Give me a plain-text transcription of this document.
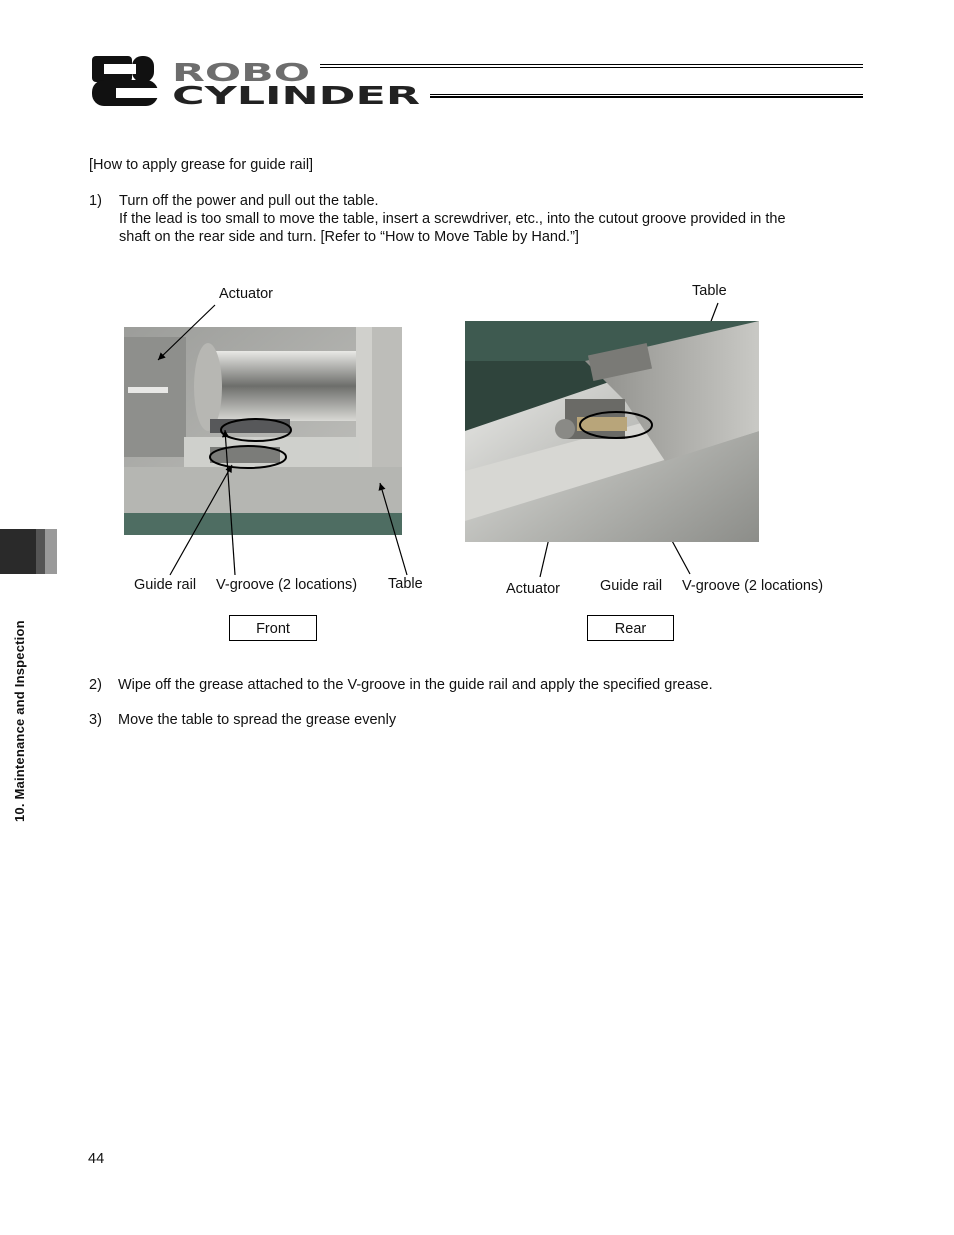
ROBO
CYLINDER
[How to apply grease for guide rail]
1) Turn off the power and pull out the table.
If the lead is too small to move the table, insert a screwdriver, etc., into the cutout groove provided in the
shaft on the rear side and turn. [Refer to “How to Move Table by Hand.”]
Actuator
Guide rail V-groove (2 locations) Table
Front
Table
Actuator	Guide rail V-groove (2 locations)
Rear
2) Wipe off the grease attached to the V-groove in the guide rail and apply the specified grease.
3) Move the table to spread the grease evenly
10. Maintenance and Inspection
44
